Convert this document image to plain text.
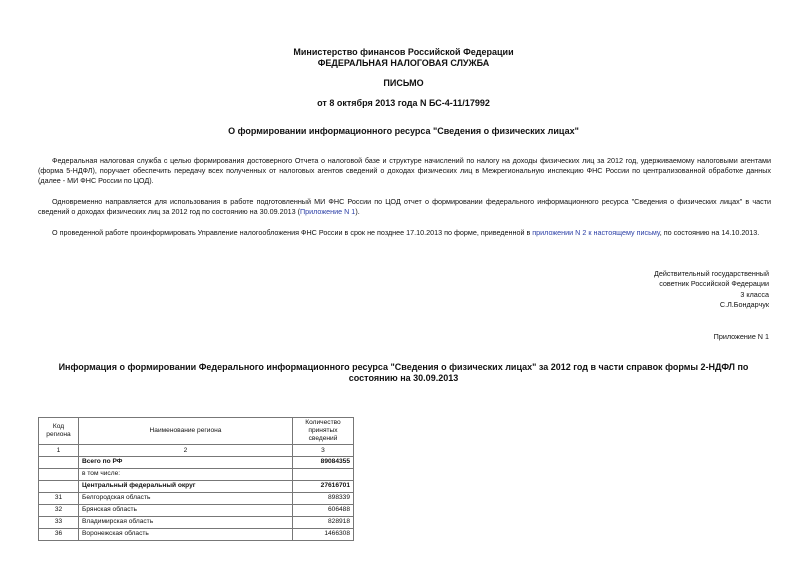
Министерство финансов Российской Федерации
ФЕДЕРАЛЬНАЯ НАЛОГОВАЯ СЛУЖБА
ПИСЬМО
от 8 октября 2013 года N БС-4-11/17992
О формировании информационного ресурса "Сведения о физических лицах"
Федеральная налоговая служба с целью формирования достоверного Отчета о налоговой базе и структуре начислений по налогу на доходы физических лиц за 2012 год, удерживаемому налоговыми агентами (форма 5-НДФЛ), поручает обеспечить передачу всех полученных от налоговых агентов сведений о доходах физических лиц в Межрегиональную инспекцию ФНС России по централизованной обработке данных (далее - МИ ФНС России по ЦОД).
Одновременно направляется для использования в работе подготовленный МИ ФНС России по ЦОД отчет о формировании федерального информационного ресурса "Сведения о физических лицах" в части сведений о доходах физических лиц за 2012 год по состоянию на 30.09.2013 (Приложение N 1).
О проведенной работе проинформировать Управление налогообложения ФНС России в срок не позднее 17.10.2013 по форме, приведенной в приложении N 2 к настоящему письму, по состоянию на 14.10.2013.
Действительный государственный
советник Российской Федерации
3 класса
С.Л.Бондарчук
Приложение N 1
Информация о формировании Федерального информационного ресурса "Сведения о физических лицах" за 2012 год в части справок формы 2-НДФЛ по состоянию на 30.09.2013
Код региона	Наименование региона	Количество принятых сведений
1	2	3
	Всего по РФ	89084355
	в том числе:	
	Центральный федеральный округ	27616701
31	Белгородская область	898339
32	Брянская область	606488
33	Владимирская область	828918
36	Воронежская область	1466308
